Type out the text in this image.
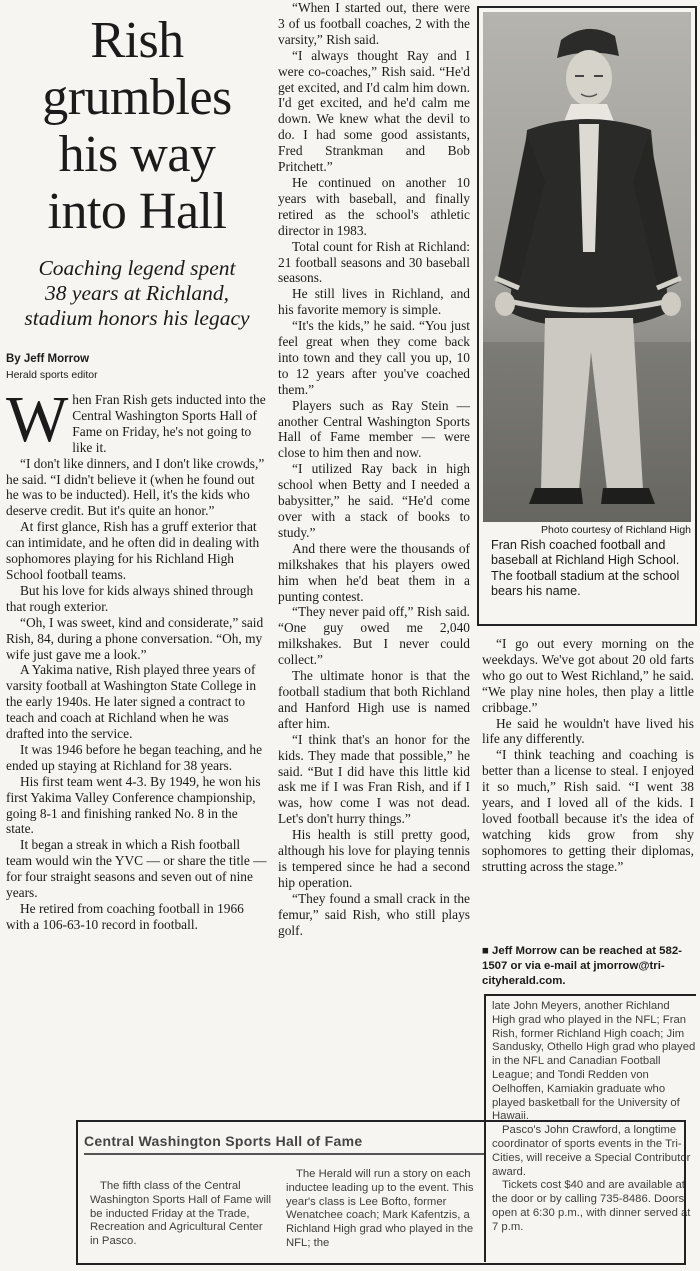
Rish
grumbles
his way
into Hall
Coaching legend spent
38 years at Richland,
stadium honors his legacy
By Jeff Morrow
Herald sports editor

When Fran Rish gets inducted into the Central Washington Sports Hall of Fame on Friday, he's not going to like it.

“I don't like dinners, and I don't like crowds,” he said. “I didn't believe it (when he found out he was to be inducted). Hell, it's the kids who deserve credit. But it's quite an honor.”

At first glance, Rish has a gruff exterior that can intimidate, and he often did in dealing with sophomores playing for his Richland High School football teams.

But his love for kids always shined through that rough exterior.

“Oh, I was sweet, kind and considerate,” said Rish, 84, during a phone conversation. “Oh, my wife just gave me a look.”

A Yakima native, Rish played three years of varsity football at Washington State College in the early 1940s. He later signed a contract to teach and coach at Richland when he was drafted into the service.

It was 1946 before he began teaching, and he ended up staying at Richland for 38 years.

His first team went 4-3. By 1949, he won his first Yakima Valley Conference championship, going 8-1 and finishing ranked No. 8 in the state.

It began a streak in which a Rish football team would win the YVC — or share the title — for four straight seasons and seven out of nine years.

He retired from coaching football in 1966 with a 106-63-10 record in football.

“When I started out, there were 3 of us football coaches, 2 with the varsity,” Rish said.

“I always thought Ray and I were co-coaches,” Rish said. “He'd get excited, and I'd calm him down. I'd get excited, and he'd calm me down. We knew what the devil to do. I had some good assistants, Fred Strankman and Bob Pritchett.”

He continued on another 10 years with baseball, and finally retired as the school's athletic director in 1983.

Total count for Rish at Richland: 21 football seasons and 30 baseball seasons.

He still lives in Richland, and his favorite memory is simple.

“It's the kids,” he said. “You just feel great when they come back into town and they call you up, 10 to 12 years after you've coached them.”

Players such as Ray Stein — another Central Washington Sports Hall of Fame member — were close to him then and now.

“I utilized Ray back in high school when Betty and I needed a babysitter,” he said. “He'd come over with a stack of books to study.”

And there were the thousands of milkshakes that his players owed him when he'd beat them in a punting contest.

“They never paid off,” Rish said. “One guy owed me 2,040 milkshakes. But I never could collect.”

The ultimate honor is that the football stadium that both Richland and Hanford High use is named after him.

“I think that's an honor for the kids. They made that possible,” he said. “But I did have this little kid ask me if I was Fran Rish, and if I was, how come I was not dead. Let's don't hurry things.”

His health is still pretty good, although his love for playing tennis is tempered since he had a second hip operation.

“They found a small crack in the femur,” said Rish, who still plays golf.

Photo courtesy of Richland High
Fran Rish coached football and baseball at Richland High School. The football stadium at the school bears his name.

“I go out every morning on the weekdays. We've got about 20 old farts who go out to West Richland,” he said. “We play nine holes, then play a little cribbage.”

He said he wouldn't have lived his life any differently.

“I think teaching and coaching is better than a license to steal. I enjoyed it so much,” Rish said. “I went 38 years, and I loved all of the kids. I loved football because it's the idea of watching kids grow from shy sophomores to getting their diplomas, strutting across the stage.”

■ Jeff Morrow can be reached at 582-1507 or via e-mail at jmorrow@tri-cityherald.com.

late John Meyers, another Richland High grad who played in the NFL; Fran Rish, former Richland High coach; Jim Sandusky, Othello High grad who played in the NFL and Canadian Football League; and Tondi Redden von Oelhoffen, Kamiakin graduate who played basketball for the University of Hawaii.

Pasco's John Crawford, a longtime coordinator of sports events in the Tri-Cities, will receive a Special Contributor award.

Tickets cost $40 and are available at the door or by calling 735-8486. Doors open at 6:30 p.m., with dinner served at 7 p.m.

Central Washington Sports Hall of Fame

The fifth class of the Central Washington Sports Hall of Fame will be inducted Friday at the Trade, Recreation and Agricultural Center in Pasco.

The Herald will run a story on each inductee leading up to the event. This year's class is Lee Bofto, former Wenatchee coach; Mark Kafentzis, a Richland High grad who played in the NFL; the
